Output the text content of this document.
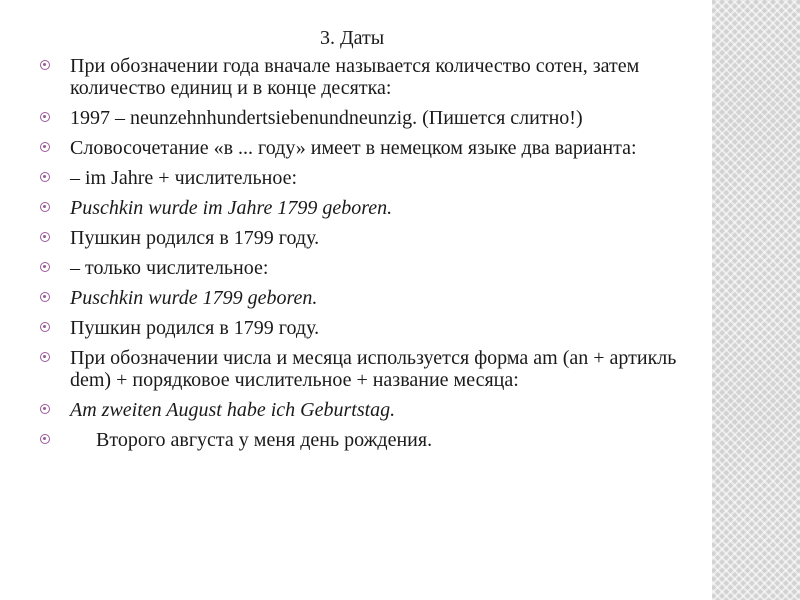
3. Даты
При обозначении года вначале называется количество сотен, затем количество единиц и в конце десятка:
1997 – neunzehnhundertsiebenundneunzig. (Пишется слитно!)
Словосочетание «в ... году» имеет в немецком языке два варианта:
– im Jahre + числительное:
Puschkin wurde im Jahre 1799 geboren.
Пушкин родился в 1799 году.
– только числительное:
Puschkin wurde 1799 geboren.
Пушкин родился в 1799 году.
При обозначении числа и месяца используется форма am (an + артикль dem) + порядковое числительное + название месяца:
Am zweiten August habe ich Geburtstag.
Второго августа у меня день рождения.
